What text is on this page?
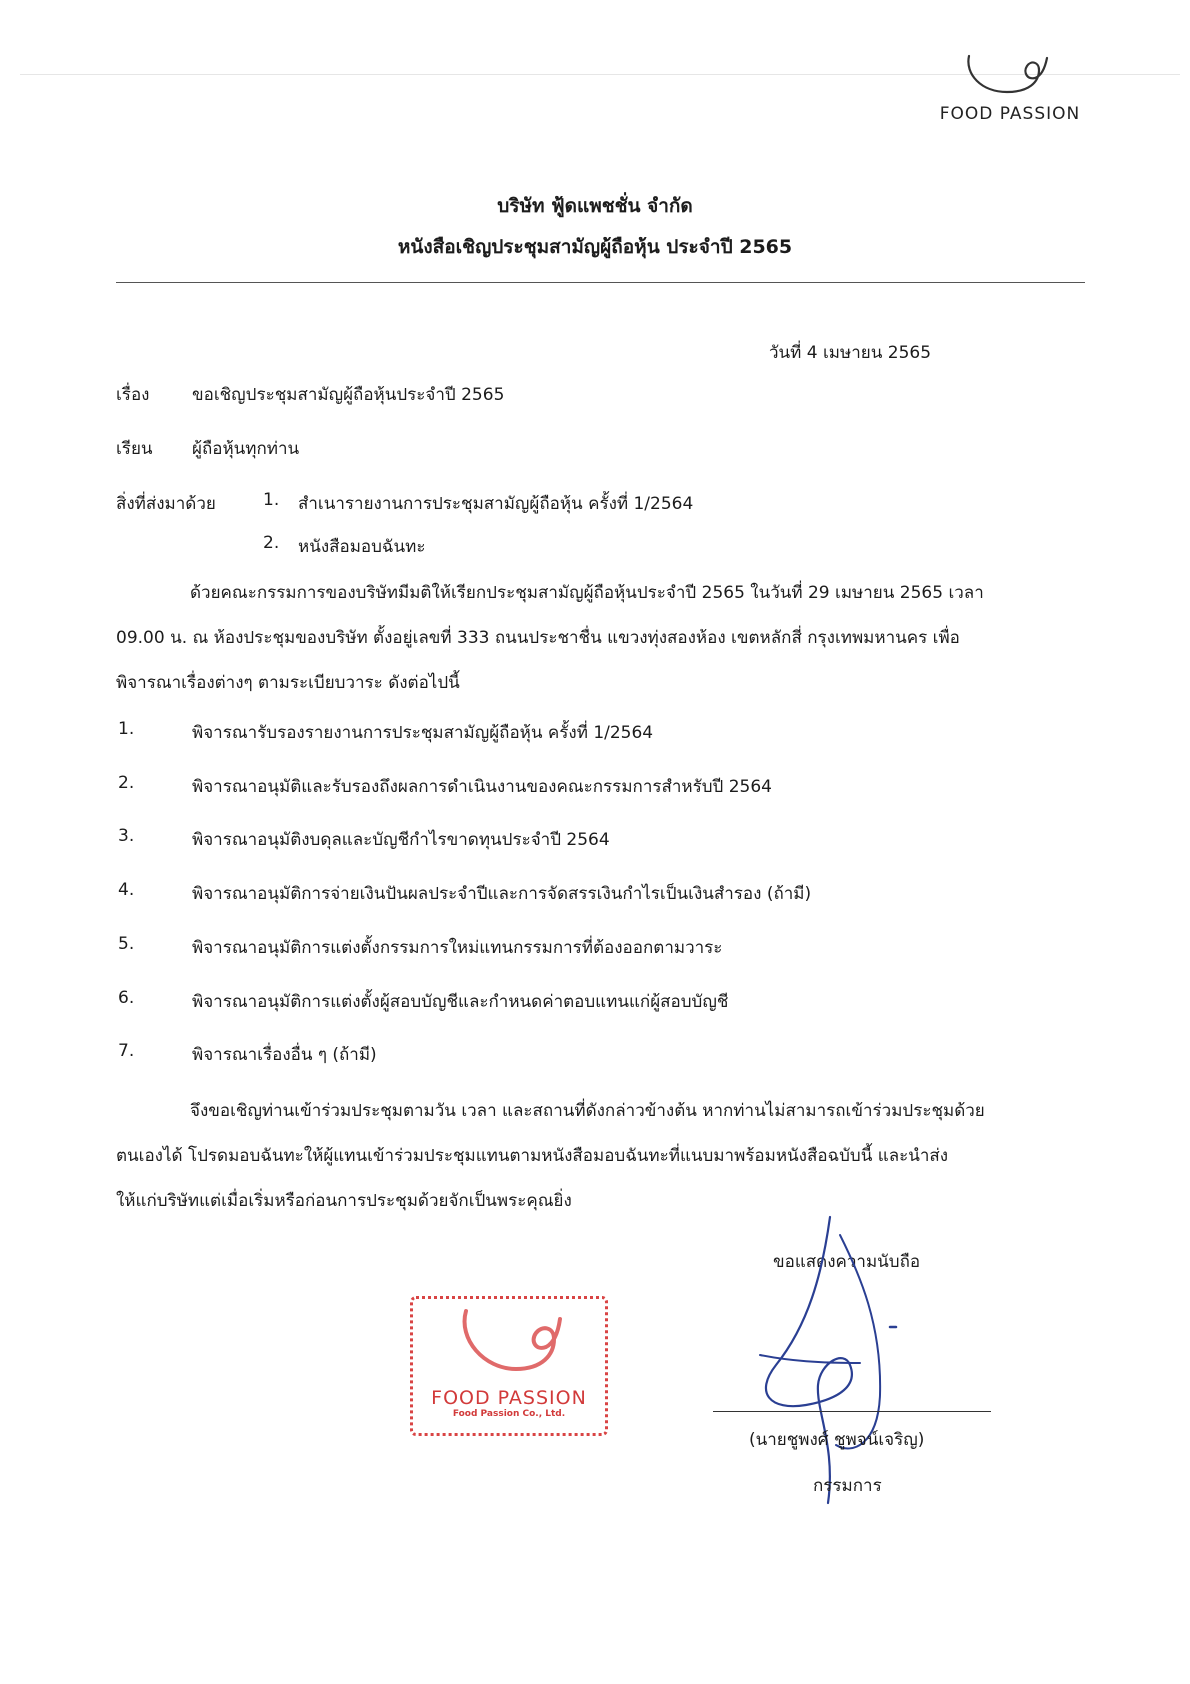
FOOD PASSION
บริษัท ฟู้ดแพชชั่น จำกัด
หนังสือเชิญประชุมสามัญผู้ถือหุ้น ประจำปี 2565
วันที่ 4 เมษายน 2565
เรื่อง	ขอเชิญประชุมสามัญผู้ถือหุ้นประจำปี 2565
เรียน ผู้ถือหุ้นทุกท่าน
สิ่งที่ส่งมาด้วย	1. สำเนารายงานการประชุมสามัญผู้ถือหุ้น ครั้งที่ 1/2564
2. หนังสือมอบฉันทะ
ด้วยคณะกรรมการของบริษัทมีมติให้เรียกประชุมสามัญผู้ถือหุ้นประจำปี 2565 ในวันที่ 29 เมษายน 2565 เวลา
09.00 น. ณ ห้องประชุมของบริษัท ตั้งอยู่เลขที่ 333 ถนนประชาชื่น แขวงทุ่งสองห้อง เขตหลักสี่ กรุงเทพมหานคร เพื่อ
พิจารณาเรื่องต่างๆ ตามระเบียบวาระ ดังต่อไปนี้
1.	พิจารณารับรองรายงานการประชุมสามัญผู้ถือหุ้น ครั้งที่ 1/2564
2.	พิจารณาอนุมัติและรับรองถึงผลการดำเนินงานของคณะกรรมการสำหรับปี 2564
3.	พิจารณาอนุมัติงบดุลและบัญชีกำไรขาดทุนประจำปี 2564
4.	พิจารณาอนุมัติการจ่ายเงินปันผลประจำปีและการจัดสรรเงินกำไรเป็นเงินสำรอง (ถ้ามี)
5.	พิจารณาอนุมัติการแต่งตั้งกรรมการใหม่แทนกรรมการที่ต้องออกตามวาระ
6.	พิจารณาอนุมัติการแต่งตั้งผู้สอบบัญชีและกำหนดค่าตอบแทนแก่ผู้สอบบัญชี
7.	พิจารณาเรื่องอื่น ๆ (ถ้ามี)
จึงขอเชิญท่านเข้าร่วมประชุมตามวัน เวลา และสถานที่ดังกล่าวข้างต้น หากท่านไม่สามารถเข้าร่วมประชุมด้วย
ตนเองได้ โปรดมอบฉันทะให้ผู้แทนเข้าร่วมประชุมแทนตามหนังสือมอบฉันทะที่แนบมาพร้อมหนังสือฉบับนี้ และนำส่ง
ให้แก่บริษัทแต่เมื่อเริ่มหรือก่อนการประชุมด้วยจักเป็นพระคุณยิ่ง
ขอแสดงความนับถือ
FOOD PASSION
Food Passion Co., Ltd.
(นายชูพงศ์ ชูพจน์เจริญ)
กรรมการ
